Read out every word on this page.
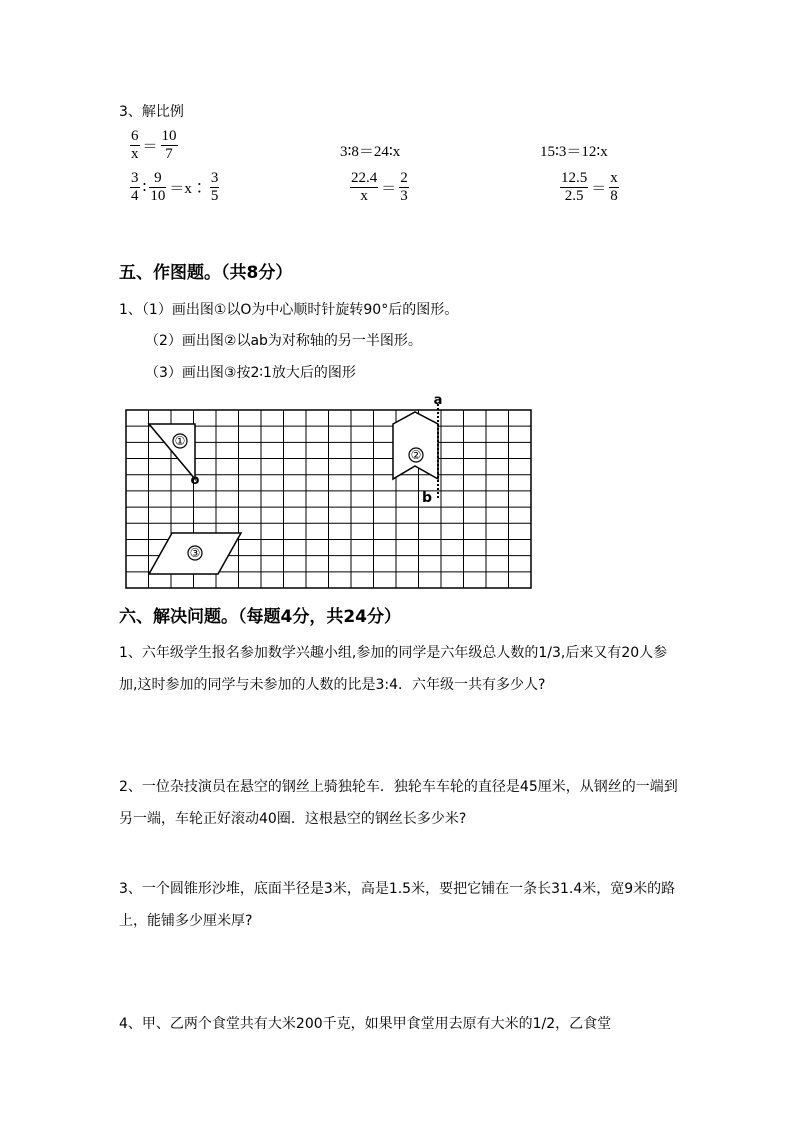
3、解比例
$\frac{6}{x} = \frac{10}{7}$	3∶8＝24∶x	15∶3＝12∶x
$\frac{3}{4}$ ∶ $\frac{9}{10}$ ＝x∶ $\frac{3}{5}$	$\frac{22.4}{x} = \frac{2}{3}$	$\frac{12.5}{2.5} = \frac{x}{8}$
五、作图题。（共8分）
1、（1）画出图①以O为中心顺时针旋转90°后的图形。
（2）画出图②以ab为对称轴的另一半图形。
（3）画出图③按2∶1放大后的图形
①
o
②
a
b
③
六、解决问题。（每题4分，共24分）
1、六年级学生报名参加数学兴趣小组,参加的同学是六年级总人数的1/3,后来又有20人参加,这时参加的同学与未参加的人数的比是3:4．六年级一共有多少人?
2、一位杂技演员在悬空的钢丝上骑独轮车．独轮车车轮的直径是45厘米，从钢丝的一端到另一端，车轮正好滚动40圈．这根悬空的钢丝长多少米?
3、一个圆锥形沙堆，底面半径是3米，高是1.5米，要把它铺在一条长31.4米，宽9米的路上，能铺多少厘米厚?
4、甲、乙两个食堂共有大米200千克，如果甲食堂用去原有大米的1/2，乙食堂
